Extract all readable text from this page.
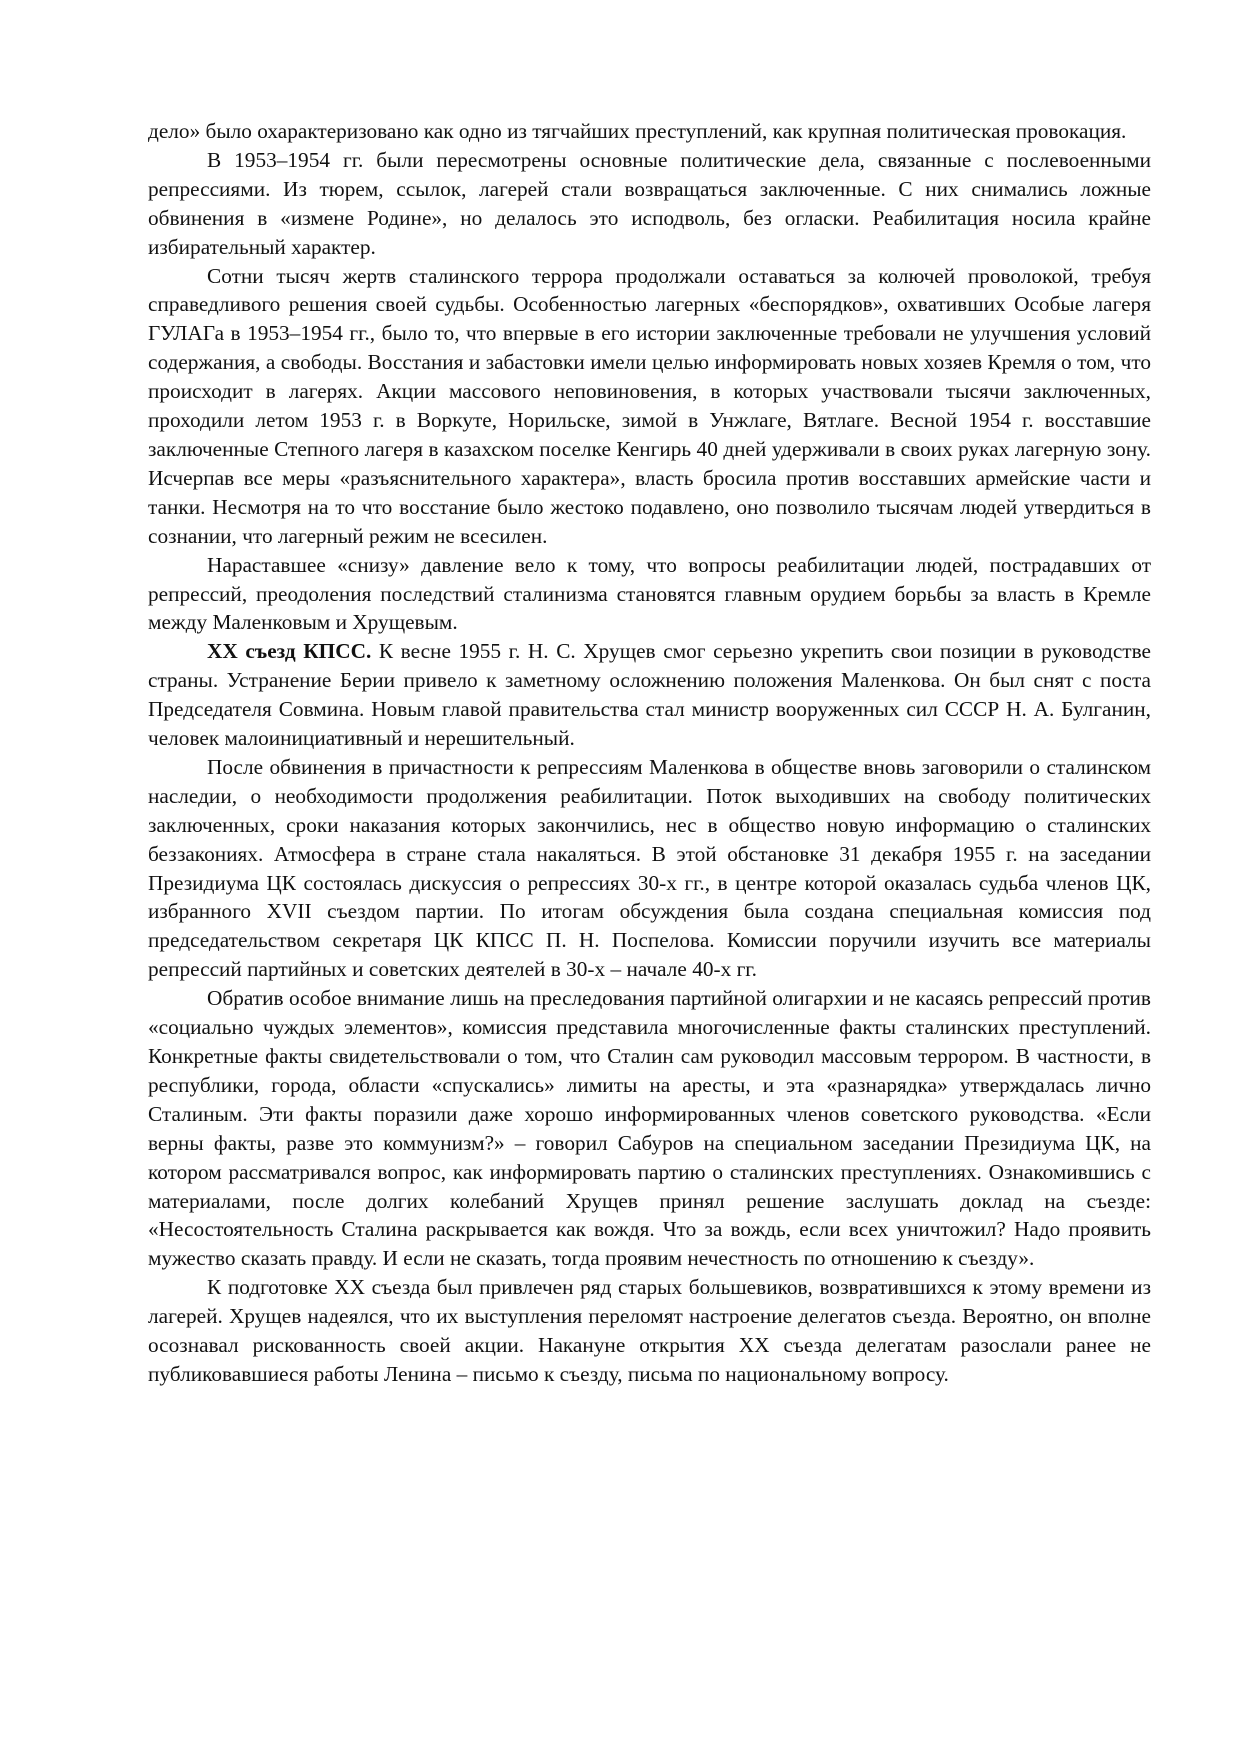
дело» было охарактеризовано как одно из тягчайших преступлений, как крупная политическая провокация.

В 1953–1954 гг. были пересмотрены основные политические дела, связанные с послевоенными репрессиями. Из тюрем, ссылок, лагерей стали возвращаться заключенные. С них снимались ложные обвинения в «измене Родине», но делалось это исподволь, без огласки. Реабилитация носила крайне избирательный характер.

Сотни тысяч жертв сталинского террора продолжали оставаться за колючей проволокой, требуя справедливого решения своей судьбы. Особенностью лагерных «беспорядков», охвативших Особые лагеря ГУЛАГа в 1953–1954 гг., было то, что впервые в его истории заключенные требовали не улучшения условий содержания, а свободы. Восстания и забастовки имели целью информировать новых хозяев Кремля о том, что происходит в лагерях. Акции массового неповиновения, в которых участвовали тысячи заключенных, проходили летом 1953 г. в Воркуте, Норильске, зимой в Унжлаге, Вятлаге. Весной 1954 г. восставшие заключенные Степного лагеря в казахском поселке Кенгирь 40 дней удерживали в своих руках лагерную зону. Исчерпав все меры «разъяснительного характера», власть бросила против восставших армейские части и танки. Несмотря на то что восстание было жестоко подавлено, оно позволило тысячам людей утвердиться в сознании, что лагерный режим не всесилен.

Нараставшее «снизу» давление вело к тому, что вопросы реабилитации людей, пострадавших от репрессий, преодоления последствий сталинизма становятся главным орудием борьбы за власть в Кремле между Маленковым и Хрущевым.

XX съезд КПСС. К весне 1955 г. Н. С. Хрущев смог серьезно укрепить свои позиции в руководстве страны. Устранение Берии привело к заметному осложнению положения Маленкова. Он был снят с поста Председателя Совмина. Новым главой правительства стал министр вооруженных сил СССР Н. А. Булганин, человек малоинициативный и нерешительный.

После обвинения в причастности к репрессиям Маленкова в обществе вновь заговорили о сталинском наследии, о необходимости продолжения реабилитации. Поток выходивших на свободу политических заключенных, сроки наказания которых закончились, нес в общество новую информацию о сталинских беззакониях. Атмосфера в стране стала накаляться. В этой обстановке 31 декабря 1955 г. на заседании Президиума ЦК состоялась дискуссия о репрессиях 30-х гг., в центре которой оказалась судьба членов ЦК, избранного XVII съездом партии. По итогам обсуждения была создана специальная комиссия под председательством секретаря ЦК КПСС П. Н. Поспелова. Комиссии поручили изучить все материалы репрессий партийных и советских деятелей в 30-х – начале 40-х гг.

Обратив особое внимание лишь на преследования партийной олигархии и не касаясь репрессий против «социально чуждых элементов», комиссия представила многочисленные факты сталинских преступлений. Конкретные факты свидетельствовали о том, что Сталин сам руководил массовым террором. В частности, в республики, города, области «спускались» лимиты на аресты, и эта «разнарядка» утверждалась лично Сталиным. Эти факты поразили даже хорошо информированных членов советского руководства. «Если верны факты, разве это коммунизм?» – говорил Сабуров на специальном заседании Президиума ЦК, на котором рассматривался вопрос, как информировать партию о сталинских преступлениях. Ознакомившись с материалами, после долгих колебаний Хрущев принял решение заслушать доклад на съезде: «Несостоятельность Сталина раскрывается как вождя. Что за вождь, если всех уничтожил? Надо проявить мужество сказать правду. И если не сказать, тогда проявим нечестность по отношению к съезду».

К подготовке XX съезда был привлечен ряд старых большевиков, возвратившихся к этому времени из лагерей. Хрущев надеялся, что их выступления переломят настроение делегатов съезда. Вероятно, он вполне осознавал рискованность своей акции. Накануне открытия XX съезда делегатам разослали ранее не публиковавшиеся работы Ленина – письмо к съезду, письма по национальному вопросу.
